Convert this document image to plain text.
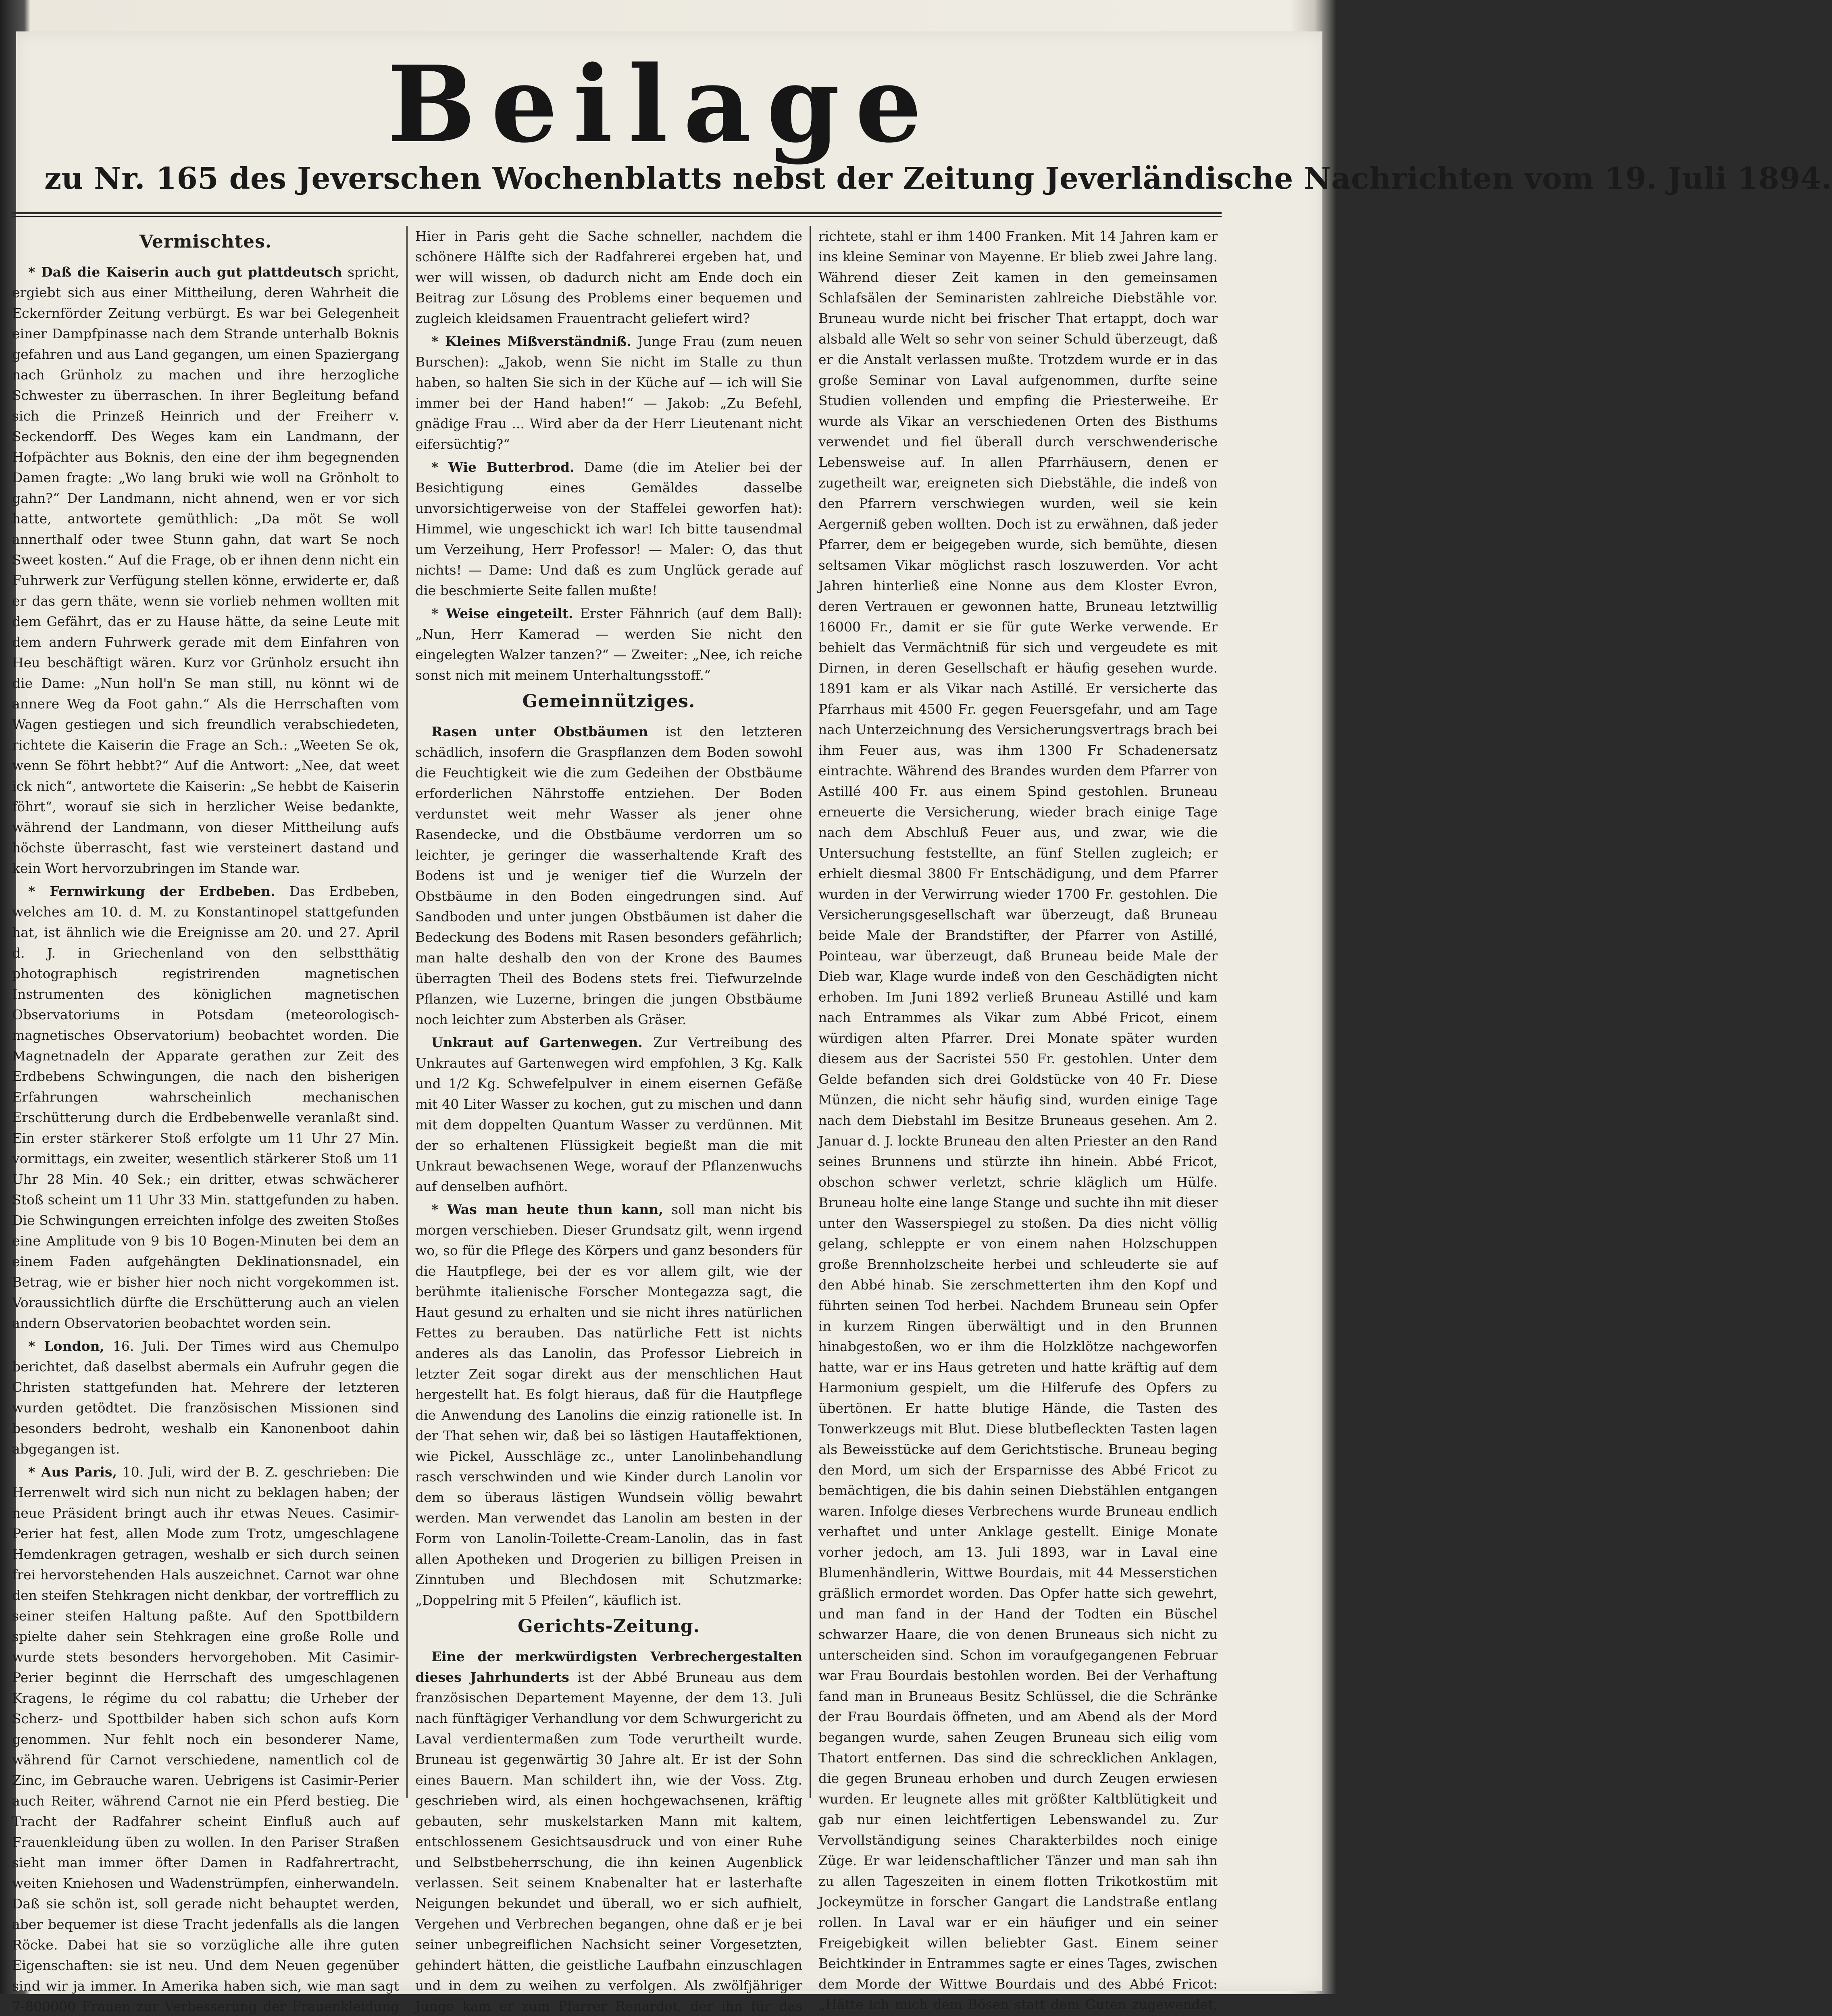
Beilage
zu Nr. 165 des Jeverschen Wochenblatts nebst der Zeitung Jeverländische Nachrichten vom 19. Juli 1894.
Vermischtes.

* Daß die Kaiserin auch gut plattdeutsch spricht, ergiebt sich aus einer Mittheilung, deren Wahrheit die Eckernförder Zeitung verbürgt. Es war bei Gelegenheit einer Dampfpinasse nach dem Strande unterhalb Boknis gefahren und aus Land gegangen, um einen Spaziergang nach Grünholz zu machen und ihre herzogliche Schwester zu überraschen. In ihrer Begleitung befand sich die Prinzeß Heinrich und der Freiherr v. Seckendorff. Des Weges kam ein Landmann, der Hofpächter aus Boknis, den eine der ihm begegnenden Damen fragte: „Wo lang bruki wie woll na Grönholt to gahn?“ Der Landmann, nicht ahnend, wen er vor sich hatte, antwortete gemüthlich: „Da möt Se woll annerthalf oder twee Stunn gahn, dat wart Se noch Sweet kosten.“ Auf die Frage, ob er ihnen denn nicht ein Fuhrwerk zur Verfügung stellen könne, erwiderte er, daß er das gern thäte, wenn sie vorlieb nehmen wollten mit dem Gefährt, das er zu Hause hätte, da seine Leute mit dem andern Fuhrwerk gerade mit dem Einfahren von Heu beschäftigt wären. Kurz vor Grünholz ersucht ihn die Dame: „Nun holl'n Se man still, nu könnt wi de annere Weg da Foot gahn.“ Als die Herrschaften vom Wagen gestiegen und sich freundlich verabschiedeten, richtete die Kaiserin die Frage an Sch.: „Weeten Se ok, wenn Se föhrt hebbt?“ Auf die Antwort: „Nee, dat weet ick nich“, antwortete die Kaiserin: „Se hebbt de Kaiserin föhrt“, worauf sie sich in herzlicher Weise bedankte, während der Landmann, von dieser Mittheilung aufs höchste überrascht, fast wie versteinert dastand und kein Wort hervorzubringen im Stande war.

* Fernwirkung der Erdbeben. Das Erdbeben, welches am 10. d. M. zu Konstantinopel stattgefunden hat, ist ähnlich wie die Ereignisse am 20. und 27. April d. J. in Griechenland von den selbstthätig photographisch registrirenden magnetischen Instrumenten des königlichen magnetischen Observatoriums in Potsdam (meteorologisch-magnetisches Observatorium) beobachtet worden. Die Magnetnadeln der Apparate gerathen zur Zeit des Erdbebens Schwingungen, die nach den bisherigen Erfahrungen wahrscheinlich mechanischen Erschütterung durch die Erdbebenwelle veranlaßt sind. Ein erster stärkerer Stoß erfolgte um 11 Uhr 27 Min. vormittags, ein zweiter, wesentlich stärkerer Stoß um 11 Uhr 28 Min. 40 Sek.; ein dritter, etwas schwächerer Stoß scheint um 11 Uhr 33 Min. stattgefunden zu haben. Die Schwingungen erreichten infolge des zweiten Stoßes eine Amplitude von 9 bis 10 Bogen-Minuten bei dem an einem Faden aufgehängten Deklinationsnadel, ein Betrag, wie er bisher hier noch nicht vorgekommen ist. Voraussichtlich dürfte die Erschütterung auch an vielen andern Observatorien beobachtet worden sein.

* London, 16. Juli. Der Times wird aus Chemulpo berichtet, daß daselbst abermals ein Aufruhr gegen die Christen stattgefunden hat. Mehrere der letzteren wurden getödtet. Die französischen Missionen sind besonders bedroht, weshalb ein Kanonenboot dahin abgegangen ist.

* Aus Paris, 10. Juli, wird der B. Z. geschrieben: Die Herrenwelt wird sich nun nicht zu beklagen haben; der neue Präsident bringt auch ihr etwas Neues. Casimir-Perier hat fest, allen Mode zum Trotz, umgeschlagene Hemdenkragen getragen, weshalb er sich durch seinen frei hervorstehenden Hals auszeichnet. Carnot war ohne den steifen Stehkragen nicht denkbar, der vortrefflich zu seiner steifen Haltung paßte. Auf den Spottbildern spielte daher sein Stehkragen eine große Rolle und wurde stets besonders hervorgehoben. Mit Casimir-Perier beginnt die Herrschaft des umgeschlagenen Kragens, le régime du col rabattu; die Urheber der Scherz- und Spottbilder haben sich schon aufs Korn genommen. Nur fehlt noch ein besonderer Name, während für Carnot verschiedene, namentlich col de Zinc, im Gebrauche waren. Uebrigens ist Casimir-Perier auch Reiter, während Carnot nie ein Pferd bestieg. Die Tracht der Radfahrer scheint Einfluß auch auf Frauenkleidung üben zu wollen. In den Pariser Straßen sieht man immer öfter Damen in Radfahrertracht, weiten Kniehosen und Wadenstrümpfen, einherwandeln. Daß sie schön ist, soll gerade nicht behauptet werden, aber bequemer ist diese Tracht jedenfalls als die langen Röcke. Dabei hat sie so vorzügliche alle ihre guten Eigenschaften: sie ist neu. Und dem Neuen gegenüber sind wir ja immer. In Amerika haben sich, wie man sagt 7-800000 Frauen zur Verbesserung der Frauenkleidung

Hier in Paris geht die Sache schneller, nachdem die schönere Hälfte sich der Radfahrerei ergeben hat, und wer will wissen, ob dadurch nicht am Ende doch ein Beitrag zur Lösung des Problems einer bequemen und zugleich kleidsamen Frauentracht geliefert wird?

* Kleines Mißverständniß. Junge Frau (zum neuen Burschen): „Jakob, wenn Sie nicht im Stalle zu thun haben, so halten Sie sich in der Küche auf — ich will Sie immer bei der Hand haben!“ — Jakob: „Zu Befehl, gnädige Frau ... Wird aber da der Herr Lieutenant nicht eifersüchtig?“

* Wie Butterbrod. Dame (die im Atelier bei der Besichtigung eines Gemäldes dasselbe unvorsichtigerweise von der Staffelei geworfen hat): Himmel, wie ungeschickt ich war! Ich bitte tausendmal um Verzeihung, Herr Professor! — Maler: O, das thut nichts! — Dame: Und daß es zum Unglück gerade auf die beschmierte Seite fallen mußte!

* Weise eingeteilt. Erster Fähnrich (auf dem Ball): „Nun, Herr Kamerad — werden Sie nicht den eingelegten Walzer tanzen?“ — Zweiter: „Nee, ich reiche sonst nich mit meinem Unterhaltungsstoff.“

Gemeinnütziges.

Rasen unter Obstbäumen ist den letzteren schädlich, insofern die Graspflanzen dem Boden sowohl die Feuchtigkeit wie die zum Gedeihen der Obstbäume erforderlichen Nährstoffe entziehen. Der Boden verdunstet weit mehr Wasser als jener ohne Rasendecke, und die Obstbäume verdorren um so leichter, je geringer die wasserhaltende Kraft des Bodens ist und je weniger tief die Wurzeln der Obstbäume in den Boden eingedrungen sind. Auf Sandboden und unter jungen Obstbäumen ist daher die Bedeckung des Bodens mit Rasen besonders gefährlich; man halte deshalb den von der Krone des Baumes überragten Theil des Bodens stets frei. Tiefwurzelnde Pflanzen, wie Luzerne, bringen die jungen Obstbäume noch leichter zum Absterben als Gräser.

Unkraut auf Gartenwegen. Zur Vertreibung des Unkrautes auf Gartenwegen wird empfohlen, 3 Kg. Kalk und 1/2 Kg. Schwefelpulver in einem eisernen Gefäße mit 40 Liter Wasser zu kochen, gut zu mischen und dann mit dem doppelten Quantum Wasser zu verdünnen. Mit der so erhaltenen Flüssigkeit begießt man die mit Unkraut bewachsenen Wege, worauf der Pflanzenwuchs auf denselben aufhört.

* Was man heute thun kann, soll man nicht bis morgen verschieben. Dieser Grundsatz gilt, wenn irgend wo, so für die Pflege des Körpers und ganz besonders für die Hautpflege, bei der es vor allem gilt, wie der berühmte italienische Forscher Montegazza sagt, die Haut gesund zu erhalten und sie nicht ihres natürlichen Fettes zu berauben. Das natürliche Fett ist nichts anderes als das Lanolin, das Professor Liebreich in letzter Zeit sogar direkt aus der menschlichen Haut hergestellt hat. Es folgt hieraus, daß für die Hautpflege die Anwendung des Lanolins die einzig rationelle ist. In der That sehen wir, daß bei so lästigen Hautaffektionen, wie Pickel, Ausschläge zc., unter Lanolinbehandlung rasch verschwinden und wie Kinder durch Lanolin vor dem so überaus lästigen Wundsein völlig bewahrt werden. Man verwendet das Lanolin am besten in der Form von Lanolin-Toilette-Cream-Lanolin, das in fast allen Apotheken und Drogerien zu billigen Preisen in Zinntuben und Blechdosen mit Schutzmarke: „Doppelring mit 5 Pfeilen“, käuflich ist.

Gerichts-Zeitung.

Eine der merkwürdigsten Verbrechergestalten dieses Jahrhunderts ist der Abbé Bruneau aus dem französischen Departement Mayenne, der dem 13. Juli nach fünftägiger Verhandlung vor dem Schwurgericht zu Laval verdientermaßen zum Tode verurtheilt wurde. Bruneau ist gegenwärtig 30 Jahre alt. Er ist der Sohn eines Bauern. Man schildert ihn, wie der Voss. Ztg. geschrieben wird, als einen hochgewachsenen, kräftig gebauten, sehr muskelstarken Mann mit kaltem, entschlossenem Gesichtsausdruck und von einer Ruhe und Selbstbeherrschung, die ihn keinen Augenblick verlassen. Seit seinem Knabenalter hat er lasterhafte Neigungen bekundet und überall, wo er sich aufhielt, Vergehen und Verbrechen begangen, ohne daß er je bei seiner unbegreiflichen Nachsicht seiner Vorgesetzten, gehindert hätten, die geistliche Laufbahn einzuschlagen und in dem zu weihen zu verfolgen. Als zwölfjähriger Junge kam er zum Pfarrer Renardot, der ihn für das

richtete, stahl er ihm 1400 Franken. Mit 14 Jahren kam er ins kleine Seminar von Mayenne. Er blieb zwei Jahre lang. Während dieser Zeit kamen in den gemeinsamen Schlafsälen der Seminaristen zahlreiche Diebstähle vor. Bruneau wurde nicht bei frischer That ertappt, doch war alsbald alle Welt so sehr von seiner Schuld überzeugt, daß er die Anstalt verlassen mußte. Trotzdem wurde er in das große Seminar von Laval aufgenommen, durfte seine Studien vollenden und empfing die Priesterweihe. Er wurde als Vikar an verschiedenen Orten des Bisthums verwendet und fiel überall durch verschwenderische Lebensweise auf. In allen Pfarrhäusern, denen er zugetheilt war, ereigneten sich Diebstähle, die indeß von den Pfarrern verschwiegen wurden, weil sie kein Aergerniß geben wollten. Doch ist zu erwähnen, daß jeder Pfarrer, dem er beigegeben wurde, sich bemühte, diesen seltsamen Vikar möglichst rasch loszuwerden. Vor acht Jahren hinterließ eine Nonne aus dem Kloster Evron, deren Vertrauen er gewonnen hatte, Bruneau letztwillig 16000 Fr., damit er sie für gute Werke verwende. Er behielt das Vermächtniß für sich und vergeudete es mit Dirnen, in deren Gesellschaft er häufig gesehen wurde. 1891 kam er als Vikar nach Astillé. Er versicherte das Pfarrhaus mit 4500 Fr. gegen Feuersgefahr, und am Tage nach Unterzeichnung des Versicherungsvertrags brach bei ihm Feuer aus, was ihm 1300 Fr Schadenersatz eintrachte. Während des Brandes wurden dem Pfarrer von Astillé 400 Fr. aus einem Spind gestohlen. Bruneau erneuerte die Versicherung, wieder brach einige Tage nach dem Abschluß Feuer aus, und zwar, wie die Untersuchung feststellte, an fünf Stellen zugleich; er erhielt diesmal 3800 Fr Entschädigung, und dem Pfarrer wurden in der Verwirrung wieder 1700 Fr. gestohlen. Die Versicherungsgesellschaft war überzeugt, daß Bruneau beide Male der Brandstifter, der Pfarrer von Astillé, Pointeau, war überzeugt, daß Bruneau beide Male der Dieb war, Klage wurde indeß von den Geschädigten nicht erhoben. Im Juni 1892 verließ Bruneau Astillé und kam nach Entrammes als Vikar zum Abbé Fricot, einem würdigen alten Pfarrer. Drei Monate später wurden diesem aus der Sacristei 550 Fr. gestohlen. Unter dem Gelde befanden sich drei Goldstücke von 40 Fr. Diese Münzen, die nicht sehr häufig sind, wurden einige Tage nach dem Diebstahl im Besitze Bruneaus gesehen. Am 2. Januar d. J. lockte Bruneau den alten Priester an den Rand seines Brunnens und stürzte ihn hinein. Abbé Fricot, obschon schwer verletzt, schrie kläglich um Hülfe. Bruneau holte eine lange Stange und suchte ihn mit dieser unter den Wasserspiegel zu stoßen. Da dies nicht völlig gelang, schleppte er von einem nahen Holzschuppen große Brennholzscheite herbei und schleuderte sie auf den Abbé hinab. Sie zerschmetterten ihm den Kopf und führten seinen Tod herbei. Nachdem Bruneau sein Opfer in kurzem Ringen überwältigt und in den Brunnen hinabgestoßen, wo er ihm die Holzklötze nachgeworfen hatte, war er ins Haus getreten und hatte kräftig auf dem Harmonium gespielt, um die Hilferufe des Opfers zu übertönen. Er hatte blutige Hände, die Tasten des Tonwerkzeugs mit Blut. Diese blutbefleckten Tasten lagen als Beweisstücke auf dem Gerichtstische. Bruneau beging den Mord, um sich der Ersparnisse des Abbé Fricot zu bemächtigen, die bis dahin seinen Diebstählen entgangen waren. Infolge dieses Verbrechens wurde Bruneau endlich verhaftet und unter Anklage gestellt. Einige Monate vorher jedoch, am 13. Juli 1893, war in Laval eine Blumenhändlerin, Wittwe Bourdais, mit 44 Messerstichen gräßlich ermordet worden. Das Opfer hatte sich gewehrt, und man fand in der Hand der Todten ein Büschel schwarzer Haare, die von denen Bruneaus sich nicht zu unterscheiden sind. Schon im voraufgegangenen Februar war Frau Bourdais bestohlen worden. Bei der Verhaftung fand man in Bruneaus Besitz Schlüssel, die die Schränke der Frau Bourdais öffneten, und am Abend als der Mord begangen wurde, sahen Zeugen Bruneau sich eilig vom Thatort entfernen. Das sind die schrecklichen Anklagen, die gegen Bruneau erhoben und durch Zeugen erwiesen wurden. Er leugnete alles mit größter Kaltblütigkeit und gab nur einen leichtfertigen Lebenswandel zu. Zur Vervollständigung seines Charakterbildes noch einige Züge. Er war leidenschaftlicher Tänzer und man sah ihn zu allen Tageszeiten in einem flotten Trikotkostüm mit Jockeymütze in forscher Gangart die Landstraße entlang rollen. In Laval war er ein häufiger und ein seiner Freigebigkeit willen beliebter Gast. Einem seiner Beichtkinder in Entrammes sagte er eines Tages, zwischen dem Morde der Wittwe Bourdais und des Abbé Fricot: „Hätte ich mich dem Bösen statt dem Guten zugewendet,
